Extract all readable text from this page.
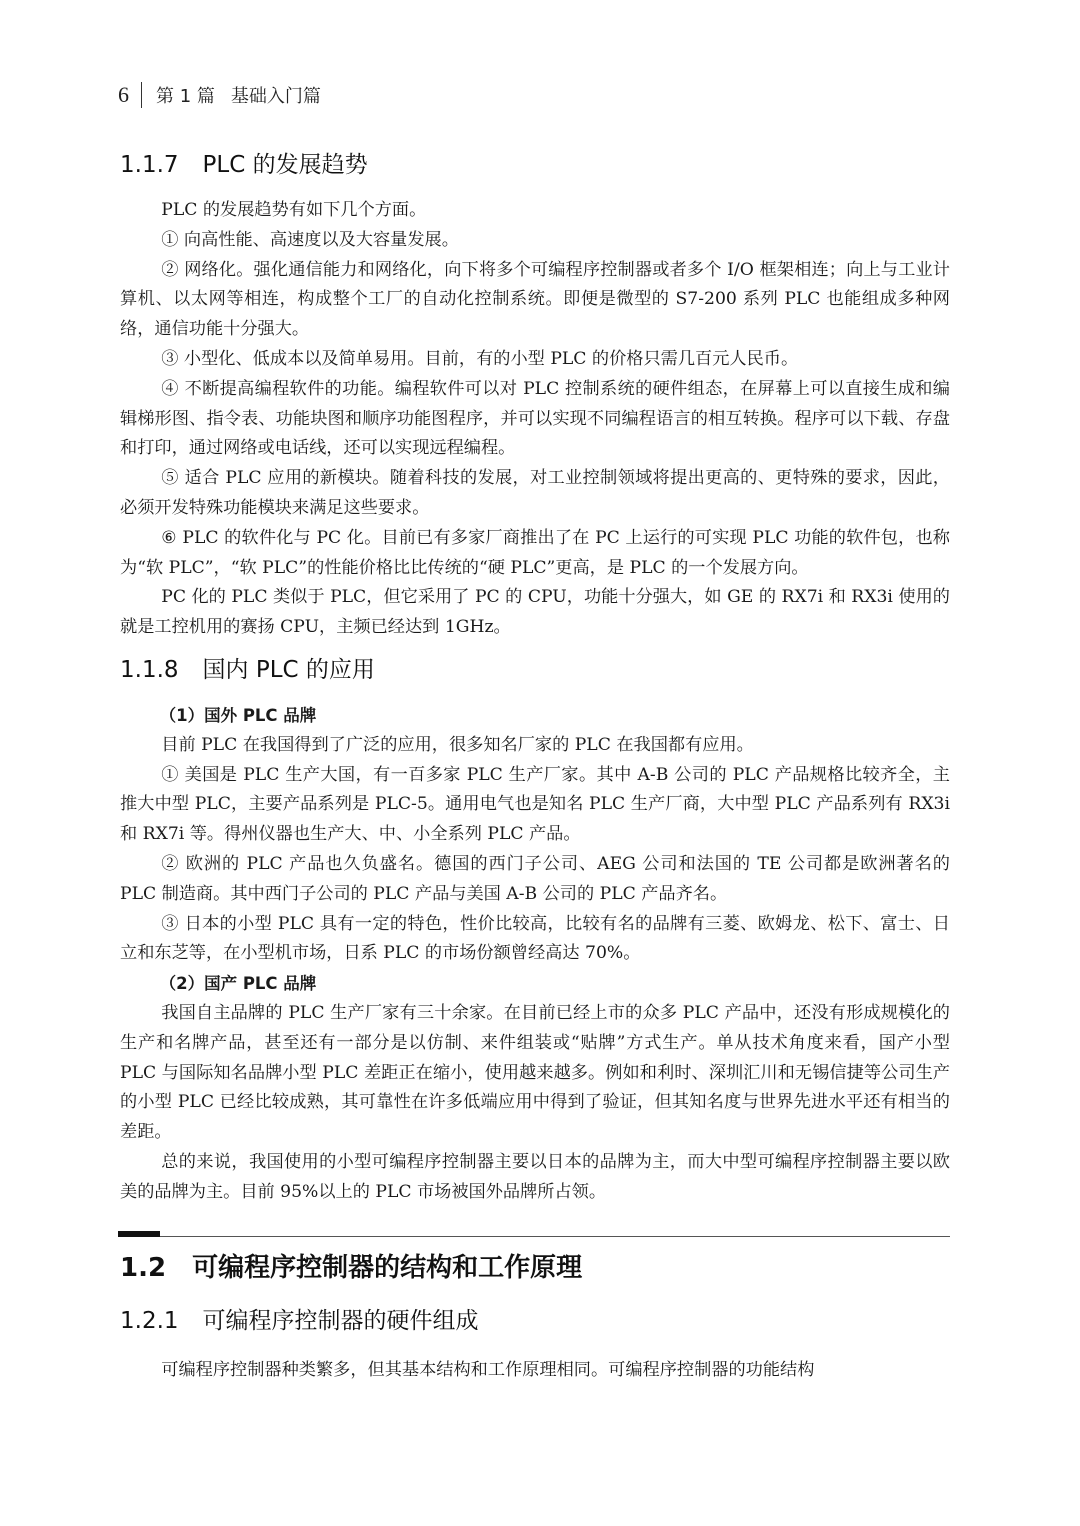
6 第 1 篇 基础入门篇
1.1.7 PLC 的发展趋势

PLC 的发展趋势有如下几个方面。

① 向高性能、高速度以及大容量发展。

② 网络化。强化通信能力和网络化，向下将多个可编程序控制器或者多个 I/O 框架相连；向上与工业计算机、以太网等相连，构成整个工厂的自动化控制系统。即便是微型的 S7-200 系列 PLC 也能组成多种网络，通信功能十分强大。

③ 小型化、低成本以及简单易用。目前，有的小型 PLC 的价格只需几百元人民币。

④ 不断提高编程软件的功能。编程软件可以对 PLC 控制系统的硬件组态，在屏幕上可以直接生成和编辑梯形图、指令表、功能块图和顺序功能图程序，并可以实现不同编程语言的相互转换。程序可以下载、存盘和打印，通过网络或电话线，还可以实现远程编程。

⑤ 适合 PLC 应用的新模块。随着科技的发展，对工业控制领域将提出更高的、更特殊的要求，因此，必须开发特殊功能模块来满足这些要求。

⑥ PLC 的软件化与 PC 化。目前已有多家厂商推出了在 PC 上运行的可实现 PLC 功能的软件包，也称为“软 PLC”，“软 PLC”的性能价格比比传统的“硬 PLC”更高，是 PLC 的一个发展方向。

PC 化的 PLC 类似于 PLC，但它采用了 PC 的 CPU，功能十分强大，如 GE 的 RX7i 和 RX3i 使用的就是工控机用的赛扬 CPU，主频已经达到 1GHz。

1.1.8 国内 PLC 的应用

（1）国外 PLC 品牌

目前 PLC 在我国得到了广泛的应用，很多知名厂家的 PLC 在我国都有应用。

① 美国是 PLC 生产大国，有一百多家 PLC 生产厂家。其中 A-B 公司的 PLC 产品规格比较齐全，主推大中型 PLC，主要产品系列是 PLC-5。通用电气也是知名 PLC 生产厂商，大中型 PLC 产品系列有 RX3i 和 RX7i 等。得州仪器也生产大、中、小全系列 PLC 产品。

② 欧洲的 PLC 产品也久负盛名。德国的西门子公司、AEG 公司和法国的 TE 公司都是欧洲著名的 PLC 制造商。其中西门子公司的 PLC 产品与美国 A-B 公司的 PLC 产品齐名。

③ 日本的小型 PLC 具有一定的特色，性价比较高，比较有名的品牌有三菱、欧姆龙、松下、富士、日立和东芝等，在小型机市场，日系 PLC 的市场份额曾经高达 70%。

（2）国产 PLC 品牌

我国自主品牌的 PLC 生产厂家有三十余家。在目前已经上市的众多 PLC 产品中，还没有形成规模化的生产和名牌产品，甚至还有一部分是以仿制、来件组装或“贴牌”方式生产。单从技术角度来看，国产小型 PLC 与国际知名品牌小型 PLC 差距正在缩小，使用越来越多。例如和利时、深圳汇川和无锡信捷等公司生产的小型 PLC 已经比较成熟，其可靠性在许多低端应用中得到了验证，但其知名度与世界先进水平还有相当的差距。

总的来说，我国使用的小型可编程序控制器主要以日本的品牌为主，而大中型可编程序控制器主要以欧美的品牌为主。目前 95%以上的 PLC 市场被国外品牌所占领。

1.2 可编程序控制器的结构和工作原理
1.2.1 可编程序控制器的硬件组成

可编程序控制器种类繁多，但其基本结构和工作原理相同。可编程序控制器的功能结构
